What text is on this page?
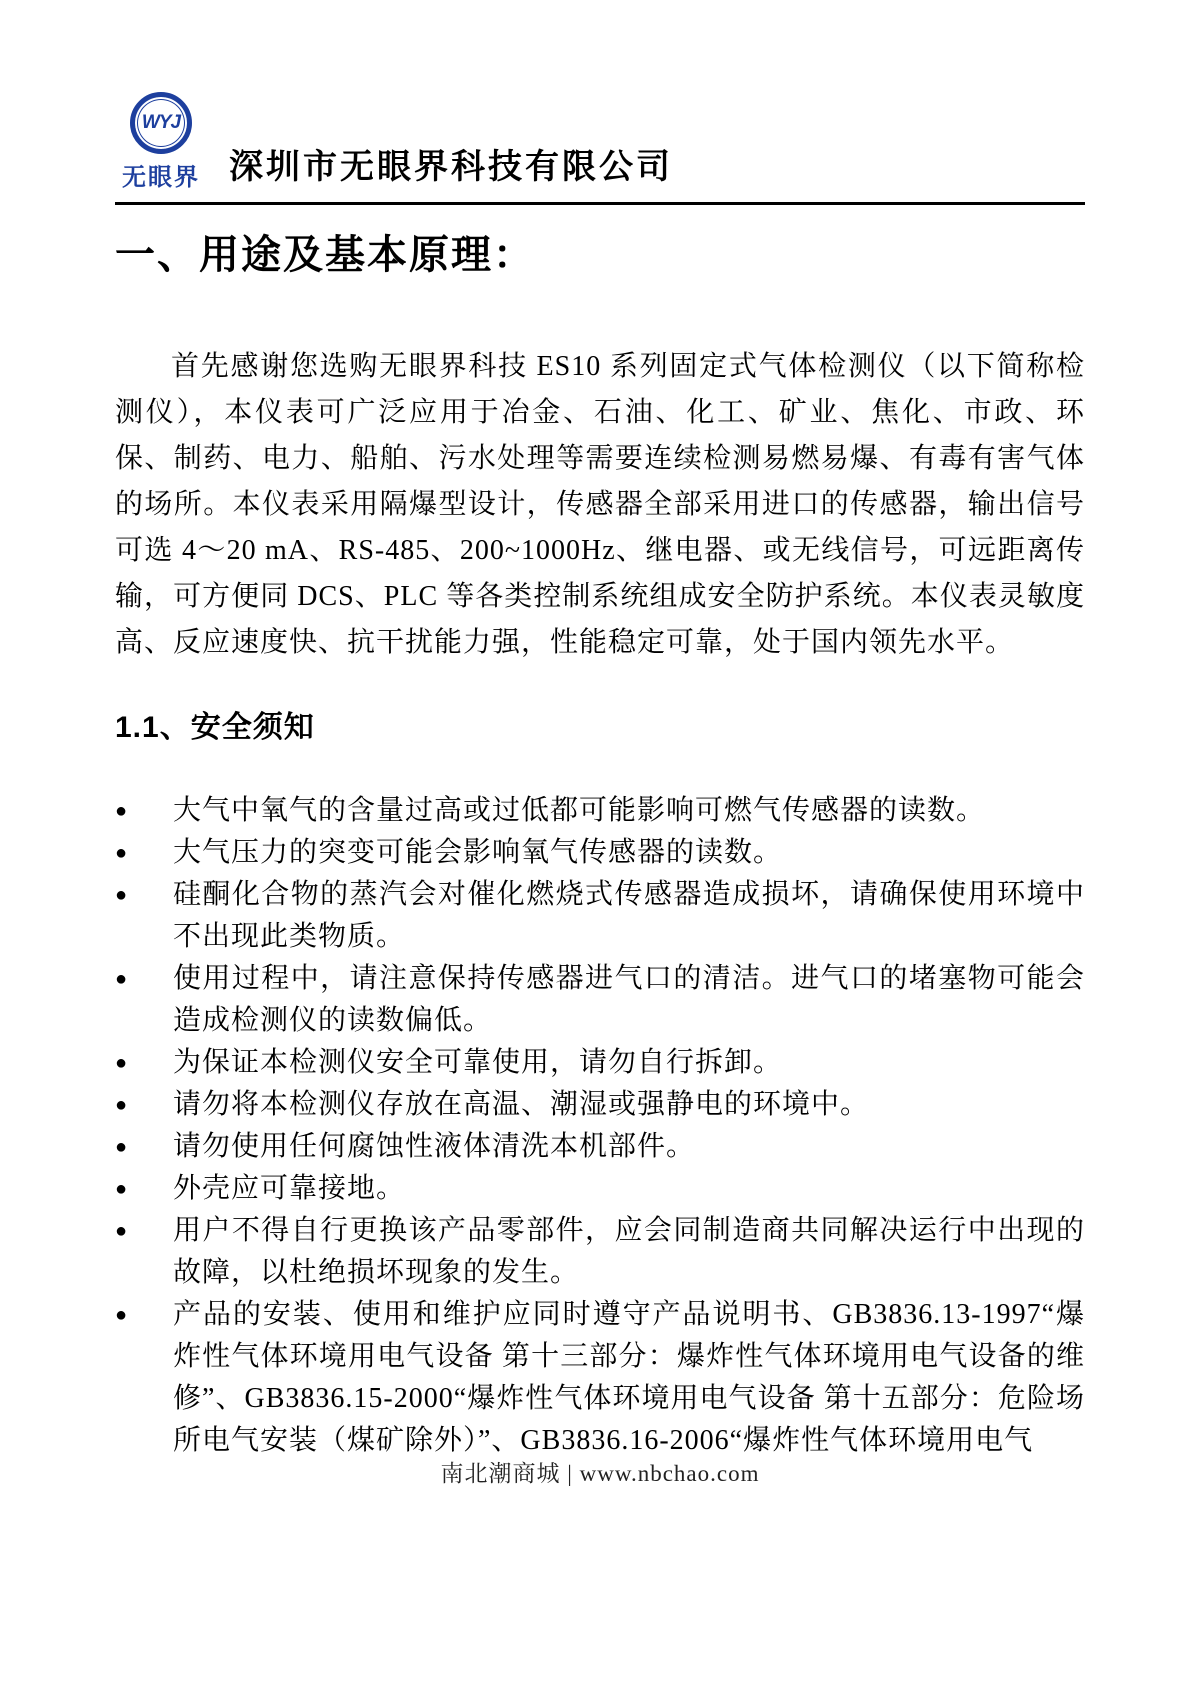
WYJ
无眼界 深圳市无眼界科技有限公司
一、用途及基本原理：

首先感谢您选购无眼界科技 ES10 系列固定式气体检测仪（以下简称检测仪），本仪表可广泛应用于冶金、石油、化工、矿业、焦化、市政、环保、制药、电力、船舶、污水处理等需要连续检测易燃易爆、有毒有害气体的场所。本仪表采用隔爆型设计，传感器全部采用进口的传感器，输出信号可选 4～20 mA、RS-485、200~1000Hz、继电器、或无线信号，可远距离传输，可方便同 DCS、PLC 等各类控制系统组成安全防护系统。本仪表灵敏度高、反应速度快、抗干扰能力强，性能稳定可靠，处于国内领先水平。

1.1、安全须知
●	大气中氧气的含量过高或过低都可能影响可燃气传感器的读数。
●	大气压力的突变可能会影响氧气传感器的读数。
●	硅酮化合物的蒸汽会对催化燃烧式传感器造成损坏，请确保使用环境中不出现此类物质。
●	使用过程中，请注意保持传感器进气口的清洁。进气口的堵塞物可能会造成检测仪的读数偏低。
●	为保证本检测仪安全可靠使用，请勿自行拆卸。
●	请勿将本检测仪存放在高温、潮湿或强静电的环境中。
●	请勿使用任何腐蚀性液体清洗本机部件。
●	外壳应可靠接地。
●	用户不得自行更换该产品零部件，应会同制造商共同解决运行中出现的故障，以杜绝损坏现象的发生。
●	产品的安装、使用和维护应同时遵守产品说明书、GB3836.13-1997“爆炸性气体环境用电气设备 第十三部分：爆炸性气体环境用电气设备的维修”、GB3836.15-2000“爆炸性气体环境用电气设备 第十五部分：危险场所电气安装（煤矿除外）”、GB3836.16-2006“爆炸性气体环境用电气
南北潮商城 | www.nbchao.com
